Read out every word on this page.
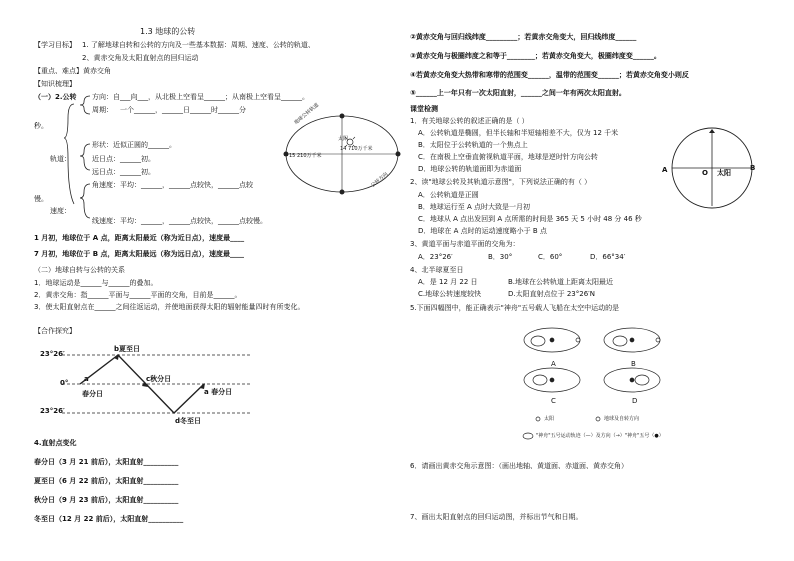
1.3 地球的公转
【学习目标】 1. 了解地球自转和公转的方向及一些基本数据：周期、速度、公转的轨道、
2、黄赤交角及太阳直射点的回归运动
【重点、难点】黄赤交角
【知识梳理】
（一）2.公转 方向：自___向___，从北极上空看呈______；从南极上空看呈______。
周期： 一个______，______日______时______分
秒。
形状：近似正圆的______。
轨道：	近日点：______初。
远日点：______初。
角速度：平均：______，______点较快，______点较
慢。
速度：
线速度：平均：______，______点较快，______点较慢。
1 月初，地球位于 A 点，距离太阳最近（称为近日点），速度最____
7 月初，地球位于 B 点，距离太阳最远（称为远日点），速度最____
（二）地球自转与公转的关系
1．地球运动是______与______的叠加。
2．黄赤交角：指______平面与______平面的交角，目前是______。
3．使太阳直射点在______之间往返运动，并使地面获得太阳的辐射能量四时有所变化。
【合作探究】
23°26′
0°
23°26′
b夏至日
c秋分日
a
春分日	a 春分日
d冬至日
4.直射点变化
春分日（3 月 21 前后），太阳直射__________
夏至日（6 月 22 前后），太阳直射__________
秋分日（9 月 23 前后），太阳直射__________
冬至日（12 月 22 前后），太阳直射__________
太阳
15 210万千米
14 710万千米
地球公转轨道
公转方向
②黄赤交角与回归线纬度_________；若黄赤交角变大，回归线纬度______
③黄赤交角与极圈纬度之和等于________；若黄赤交角变大，极圈纬度变______。
④若黄赤交角变大热带和寒带的范围变______，温带的范围变______；若黄赤交角变小则反
⑤______上一年只有一次太阳直射，______之间一年有两次太阳直射。
课堂检测
1．有关地球公转的叙述正确的是（ ）
A．公转轨道是椭圆，但半长轴和半短轴相差不大，仅为 12 千米
B．太阳位于公转轨道的一个焦点上
C．在南极上空垂直俯视轨道平面，地球是逆时针方向公转
D．地球公转的轨道面即为赤道面
2、读"地球公转及其轨道示意图"，下列说法正确的有（ ）
A．公转轨道是正圆
B．地球运行至 A 点时大致是一月初
C．地球从 A 点出发回到 A 点所需的时间是 365 天 5 小时 48 分 46 秒
D．地球在 A 点时的运动速度略小于 B 点
3、黄道平面与赤道平面的交角为：
A．23°26′	B．30°	C．60°	D．66°34′
4、北半球夏至日
A．是 12 月 22 日	B.地球在公转轨道上距离太阳最近
C.地球公转速度较快	D.太阳直射点位于 23°26′N
5.下面四幅图中，能正确表示"神舟"五号载人飞船在太空中运动的是
A	B
O 太阳
A	B
C	D
太阳	地球及自转方向
"神舟"五号运动轨迹（—）及方向（→）"神舟"五号（●）
6．请画出黄赤交角示意图：（画出地轴、黄道面、赤道面、黄赤交角）
7、画出太阳直射点的回归运动图，并标出节气和日期。
